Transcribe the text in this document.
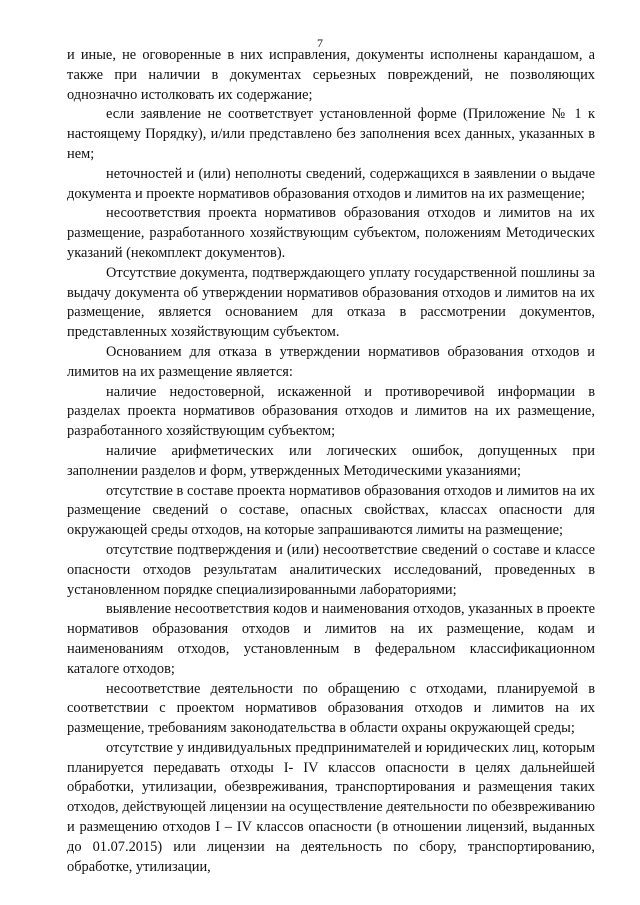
7

и иные, не оговоренные в них исправления, документы исполнены карандашом, а также при наличии в документах серьезных повреждений, не позволяющих однозначно истолковать их содержание;

если заявление не соответствует установленной форме (Приложение № 1 к настоящему Порядку), и/или представлено без заполнения всех данных, указанных в нем;

неточностей и (или) неполноты сведений, содержащихся в заявлении о выдаче документа и проекте нормативов образования отходов и лимитов на их размещение;

несоответствия проекта нормативов образования отходов и лимитов на их размещение, разработанного хозяйствующим субъектом, положениям Методических указаний (некомплект документов).

Отсутствие документа, подтверждающего уплату государственной пошлины за выдачу документа об утверждении нормативов образования отходов и лимитов на их размещение, является основанием для отказа в рассмотрении документов, представленных хозяйствующим субъектом.

Основанием для отказа в утверждении нормативов образования отходов и лимитов на их размещение является:

наличие недостоверной, искаженной и противоречивой информации в разделах проекта нормативов образования отходов и лимитов на их размещение, разработанного хозяйствующим субъектом;

наличие арифметических или логических ошибок, допущенных при заполнении разделов и форм, утвержденных Методическими указаниями;

отсутствие в составе проекта нормативов образования отходов и лимитов на их размещение сведений о составе, опасных свойствах, классах опасности для окружающей среды отходов, на которые запрашиваются лимиты на размещение;

отсутствие подтверждения и (или) несоответствие сведений о составе и классе опасности отходов результатам аналитических исследований, проведенных в установленном порядке специализированными лабораториями;

выявление несоответствия кодов и наименования отходов, указанных в проекте нормативов образования отходов и лимитов на их размещение, кодам и наименованиям отходов, установленным в федеральном классификационном каталоге отходов;

несоответствие деятельности по обращению с отходами, планируемой в соответствии с проектом нормативов образования отходов и лимитов на их размещение, требованиям законодательства в области охраны окружающей среды;

отсутствие у индивидуальных предпринимателей и юридических лиц, которым планируется передавать отходы I- IV классов опасности в целях дальнейшей обработки, утилизации, обезвреживания, транспортирования и размещения таких отходов, действующей лицензии на осуществление деятельности по обезвреживанию и размещению отходов I – IV классов опасности (в отношении лицензий, выданных до 01.07.2015) или лицензии на деятельность по сбору, транспортированию, обработке, утилизации,
